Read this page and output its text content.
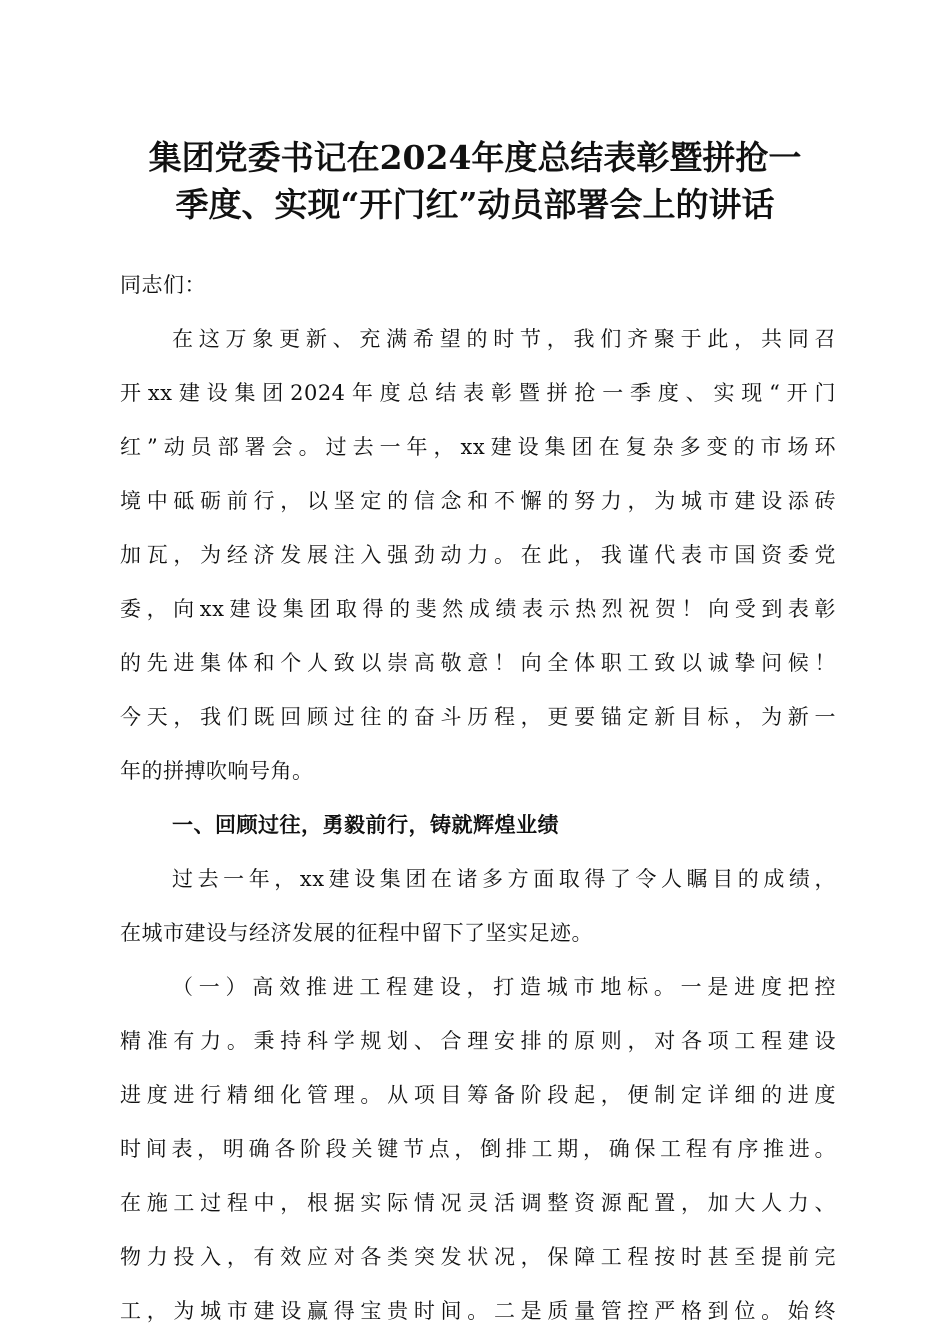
集团党委书记在2024年度总结表彰暨拼抢一
季度、实现“开门红”动员部署会上的讲话
同志们：
在这万象更新、充满希望的时节，我们齐聚于此，共同召
开xx建设集团2024年度总结表彰暨拼抢一季度、实现“开门
红”动员部署会。过去一年，xx建设集团在复杂多变的市场环
境中砥砺前行，以坚定的信念和不懈的努力，为城市建设添砖
加瓦，为经济发展注入强劲动力。在此，我谨代表市国资委党
委，向xx建设集团取得的斐然成绩表示热烈祝贺！向受到表彰
的先进集体和个人致以崇高敬意！向全体职工致以诚挚问候！
今天，我们既回顾过往的奋斗历程，更要锚定新目标，为新一
年的拼搏吹响号角。
一、回顾过往，勇毅前行，铸就辉煌业绩
过去一年，xx建设集团在诸多方面取得了令人瞩目的成绩，
在城市建设与经济发展的征程中留下了坚实足迹。
（一）高效推进工程建设，打造城市地标。一是进度把控
精准有力。秉持科学规划、合理安排的原则，对各项工程建设
进度进行精细化管理。从项目筹备阶段起，便制定详细的进度
时间表，明确各阶段关键节点，倒排工期，确保工程有序推进。
在施工过程中，根据实际情况灵活调整资源配置，加大人力、
物力投入，有效应对各类突发状况，保障工程按时甚至提前完
工，为城市建设赢得宝贵时间。二是质量管控严格到位。始终
